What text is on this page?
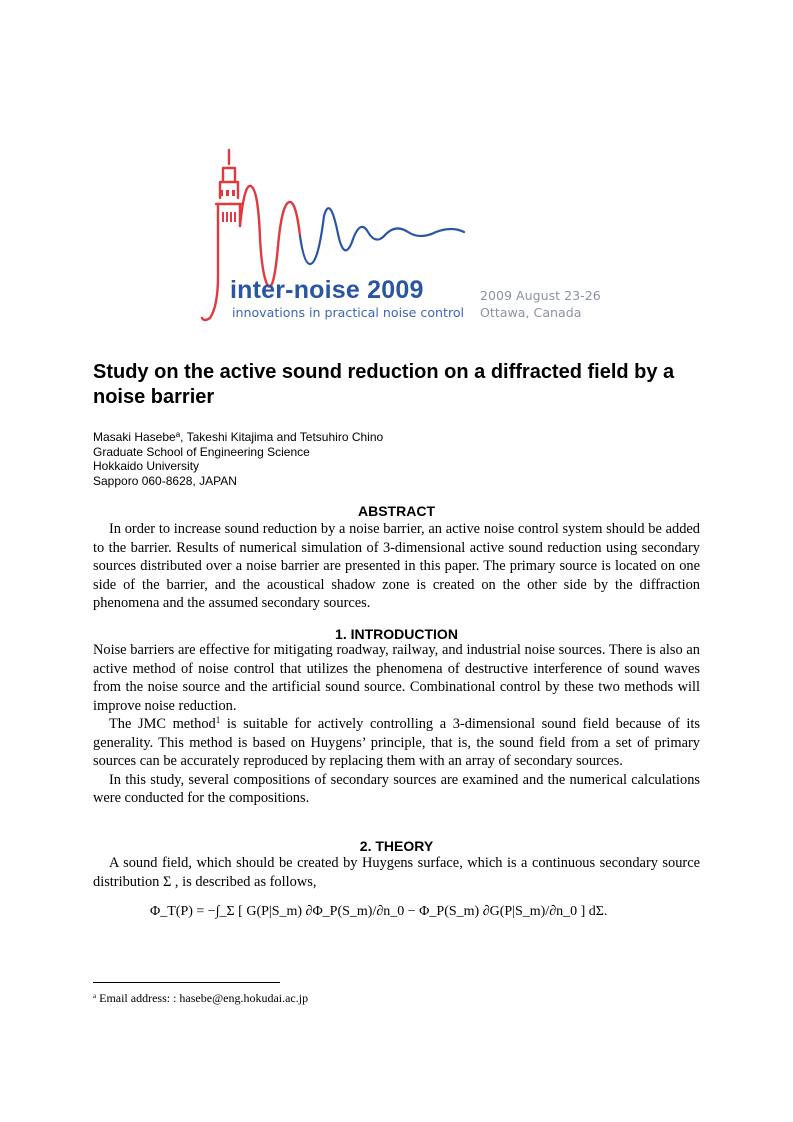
inter-noise 2009
innovations in practical noise control
2009 August 23-26
Ottawa, Canada
Study on the active sound reduction on a diffracted field by a noise barrier
Masaki Hasebe$^a$, Takeshi Kitajima and Tetsuhiro Chino
Graduate School of Engineering Science
Hokkaido University
Sapporo 060-8628, JAPAN
ABSTRACT

In order to increase sound reduction by a noise barrier, an active noise control system should be added to the barrier. Results of numerical simulation of 3-dimensional active sound reduction using secondary sources distributed over a noise barrier are presented in this paper. The primary source is located on one side of the barrier, and the acoustical shadow zone is created on the other side by the diffraction phenomena and the assumed secondary sources.

1. INTRODUCTION

Noise barriers are effective for mitigating roadway, railway, and industrial noise sources. There is also an active method of noise control that utilizes the phenomena of destructive interference of sound waves from the noise source and the artificial sound source. Combinational control by these two methods will improve noise reduction.

The JMC method$^1$ is suitable for actively controlling a 3-dimensional sound field because of its generality. This method is based on Huygens’ principle, that is, the sound field from a set of primary sources can be accurately reproduced by replacing them with an array of secondary sources.

In this study, several compositions of secondary sources are examined and the numerical calculations were conducted for the compositions.

2. THEORY

A sound field, which should be created by Huygens surface, which is a continuous secondary source distribution Σ , is described as follows,

Φ_T(P) = −∫_Σ [ G(P|S_m) ∂Φ_P(S_m)/∂n_0 − Φ_P(S_m) ∂G(P|S_m)/∂n_0 ] dΣ.
$^a$ Email address: : hasebe@eng.hokudai.ac.jp
